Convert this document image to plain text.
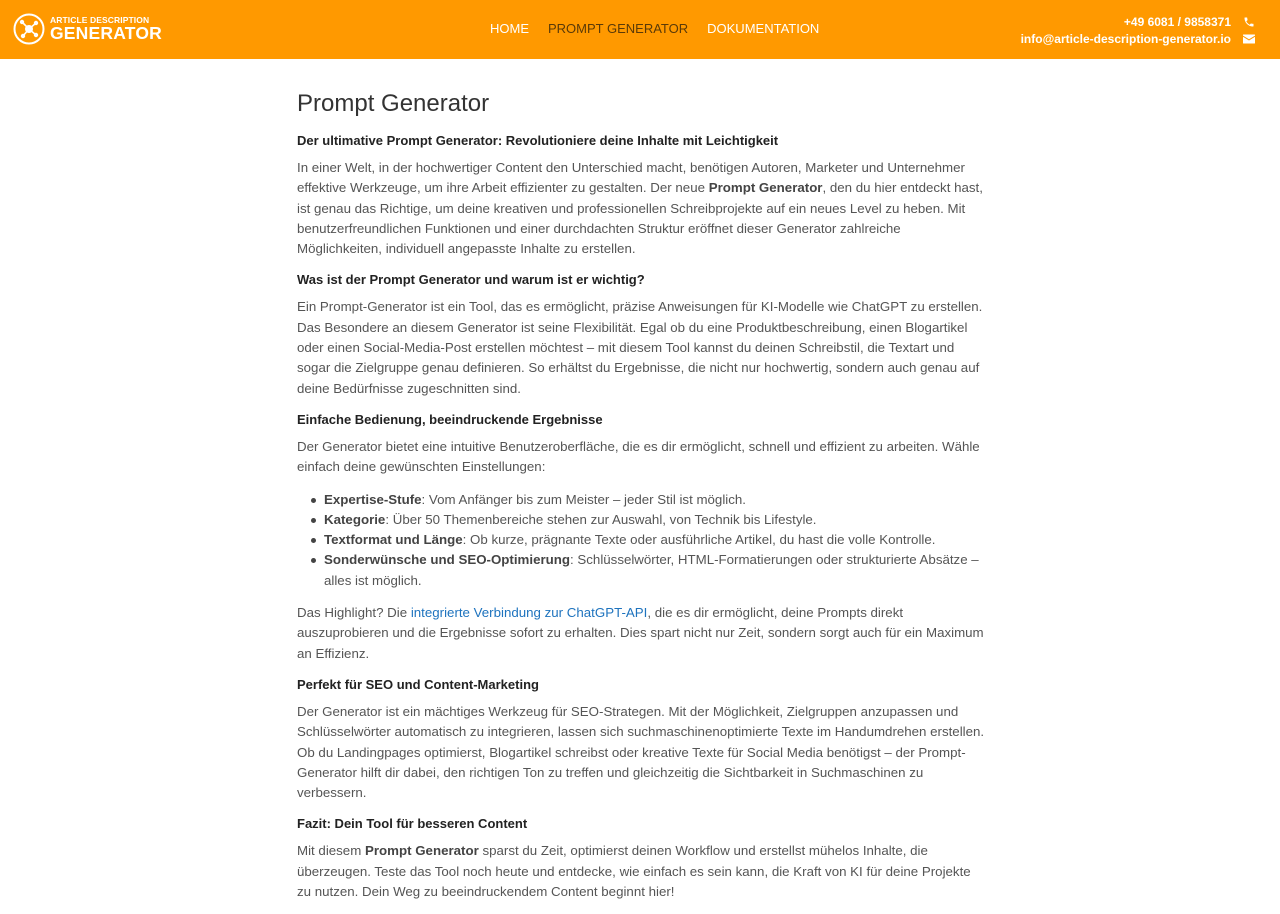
ARTICLE DESCRIPTION
GENERATOR	HOME PROMPT GENERATOR DOKUMENTATION	+49 6081 / 9858371
info@article-description-generator.io
Prompt Generator
Der ultimative Prompt Generator: Revolutioniere deine Inhalte mit Leichtigkeit

In einer Welt, in der hochwertiger Content den Unterschied macht, benötigen Autoren, Marketer und Unternehmer effektive Werkzeuge, um ihre Arbeit effizienter zu gestalten. Der neue Prompt Generator, den du hier entdeckt hast, ist genau das Richtige, um deine kreativen und professionellen Schreibprojekte auf ein neues Level zu heben. Mit benutzerfreundlichen Funktionen und einer durchdachten Struktur eröffnet dieser Generator zahlreiche Möglichkeiten, individuell angepasste Inhalte zu erstellen.

Was ist der Prompt Generator und warum ist er wichtig?

Ein Prompt-Generator ist ein Tool, das es ermöglicht, präzise Anweisungen für KI-Modelle wie ChatGPT zu erstellen. Das Besondere an diesem Generator ist seine Flexibilität. Egal ob du eine Produktbeschreibung, einen Blogartikel oder einen Social-Media-Post erstellen möchtest – mit diesem Tool kannst du deinen Schreibstil, die Textart und sogar die Zielgruppe genau definieren. So erhältst du Ergebnisse, die nicht nur hochwertig, sondern auch genau auf deine Bedürfnisse zugeschnitten sind.

Einfache Bedienung, beeindruckende Ergebnisse

Der Generator bietet eine intuitive Benutzeroberfläche, die es dir ermöglicht, schnell und effizient zu arbeiten. Wähle einfach deine gewünschten Einstellungen:

Expertise-Stufe: Vom Anfänger bis zum Meister – jeder Stil ist möglich.
Kategorie: Über 50 Themenbereiche stehen zur Auswahl, von Technik bis Lifestyle.
Textformat und Länge: Ob kurze, prägnante Texte oder ausführliche Artikel, du hast die volle Kontrolle.
Sonderwünsche und SEO-Optimierung: Schlüsselwörter, HTML-Formatierungen oder strukturierte Absätze – alles ist möglich.

Das Highlight? Die integrierte Verbindung zur ChatGPT-API, die es dir ermöglicht, deine Prompts direkt auszuprobieren und die Ergebnisse sofort zu erhalten. Dies spart nicht nur Zeit, sondern sorgt auch für ein Maximum an Effizienz.

Perfekt für SEO und Content-Marketing

Der Generator ist ein mächtiges Werkzeug für SEO-Strategen. Mit der Möglichkeit, Zielgruppen anzupassen und Schlüsselwörter automatisch zu integrieren, lassen sich suchmaschinenoptimierte Texte im Handumdrehen erstellen. Ob du Landingpages optimierst, Blogartikel schreibst oder kreative Texte für Social Media benötigst – der Prompt-Generator hilft dir dabei, den richtigen Ton zu treffen und gleichzeitig die Sichtbarkeit in Suchmaschinen zu verbessern.

Fazit: Dein Tool für besseren Content

Mit diesem Prompt Generator sparst du Zeit, optimierst deinen Workflow und erstellst mühelos Inhalte, die überzeugen. Teste das Tool noch heute und entdecke, wie einfach es sein kann, die Kraft von KI für deine Projekte zu nutzen. Dein Weg zu beeindruckendem Content beginnt hier!
